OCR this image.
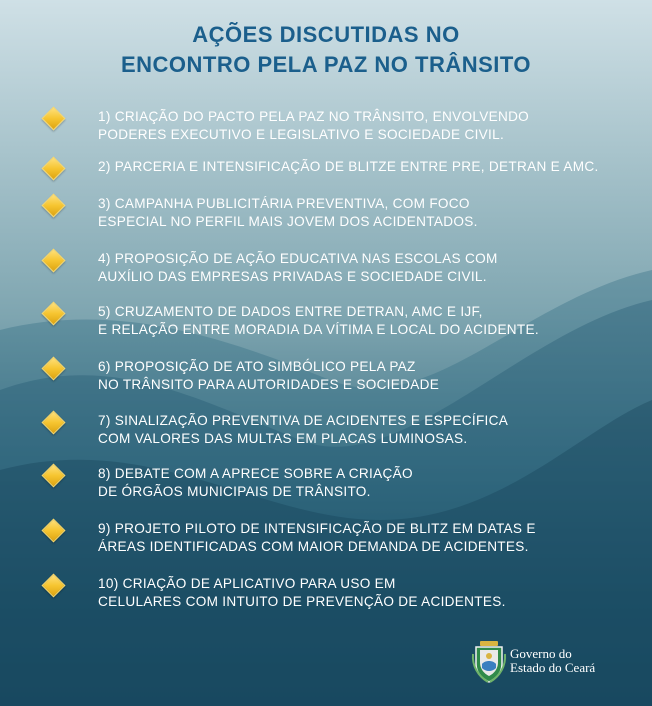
AÇÕES DISCUTIDAS NO
ENCONTRO PELA PAZ NO TRÂNSITO
1) CRIAÇÃO DO PACTO PELA PAZ NO TRÂNSITO, ENVOLVENDO
PODERES EXECUTIVO E LEGISLATIVO E SOCIEDADE CIVIL.
2) PARCERIA E INTENSIFICAÇÃO DE BLITZE ENTRE PRE, DETRAN E AMC.
3) CAMPANHA PUBLICITÁRIA PREVENTIVA, COM FOCO
ESPECIAL NO PERFIL MAIS JOVEM DOS ACIDENTADOS.
4) PROPOSIÇÃO DE AÇÃO EDUCATIVA NAS ESCOLAS COM
AUXÍLIO DAS EMPRESAS PRIVADAS E SOCIEDADE CIVIL.
5) CRUZAMENTO DE DADOS ENTRE DETRAN, AMC E IJF,
E RELAÇÃO ENTRE MORADIA DA VÍTIMA E LOCAL DO ACIDENTE.
6) PROPOSIÇÃO DE ATO SIMBÓLICO PELA PAZ
NO TRÂNSITO PARA AUTORIDADES E SOCIEDADE
7) SINALIZAÇÃO PREVENTIVA DE ACIDENTES E ESPECÍFICA
COM VALORES DAS MULTAS EM PLACAS LUMINOSAS.
8) DEBATE COM A APRECE SOBRE A CRIAÇÃO
DE ÓRGÃOS MUNICIPAIS DE TRÂNSITO.
9) PROJETO PILOTO DE INTENSIFICAÇÃO DE BLITZ EM DATAS E
ÁREAS IDENTIFICADAS COM MAIOR DEMANDA DE ACIDENTES.
10) CRIAÇÃO DE APLICATIVO PARA USO EM
CELULARES COM INTUITO DE PREVENÇÃO DE ACIDENTES.
Governo do
Estado do Ceará
